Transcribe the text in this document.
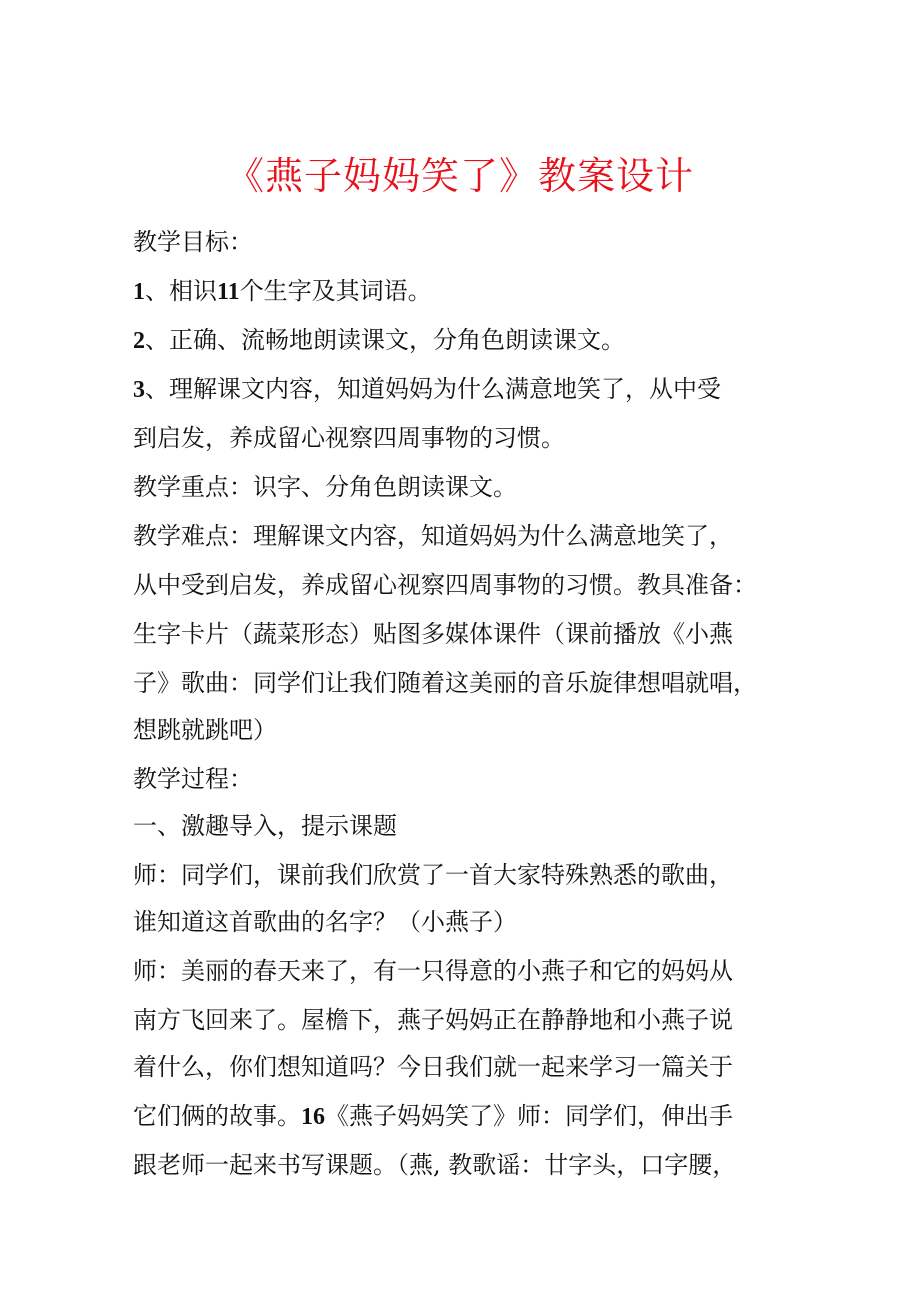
《燕子妈妈笑了》教案设计
教学目标：
1、相识11个生字及其词语。
2、正确、流畅地朗读课文，分角色朗读课文。
3、理解课文内容，知道妈妈为什么满意地笑了，从中受
到启发，养成留心视察四周事物的习惯。
教学重点：识字、分角色朗读课文。
教学难点：理解课文内容，知道妈妈为什么满意地笑了，
从中受到启发，养成留心视察四周事物的习惯。教具准备：
生字卡片（蔬菜形态）贴图多媒体课件（课前播放《小燕
子》歌曲：同学们让我们随着这美丽的音乐旋律想唱就唱，
想跳就跳吧）
教学过程：
一、激趣导入，提示课题
师：同学们，课前我们欣赏了一首大家特殊熟悉的歌曲，
谁知道这首歌曲的名字？（小燕子）
师：美丽的春天来了，有一只得意的小燕子和它的妈妈从
南方飞回来了。屋檐下，燕子妈妈正在静静地和小燕子说
着什么，你们想知道吗？今日我们就一起来学习一篇关于
它们俩的故事。16《燕子妈妈笑了》师：同学们，伸出手
跟老师一起来书写课题。（燕, 教歌谣：廿字头，口字腰，
